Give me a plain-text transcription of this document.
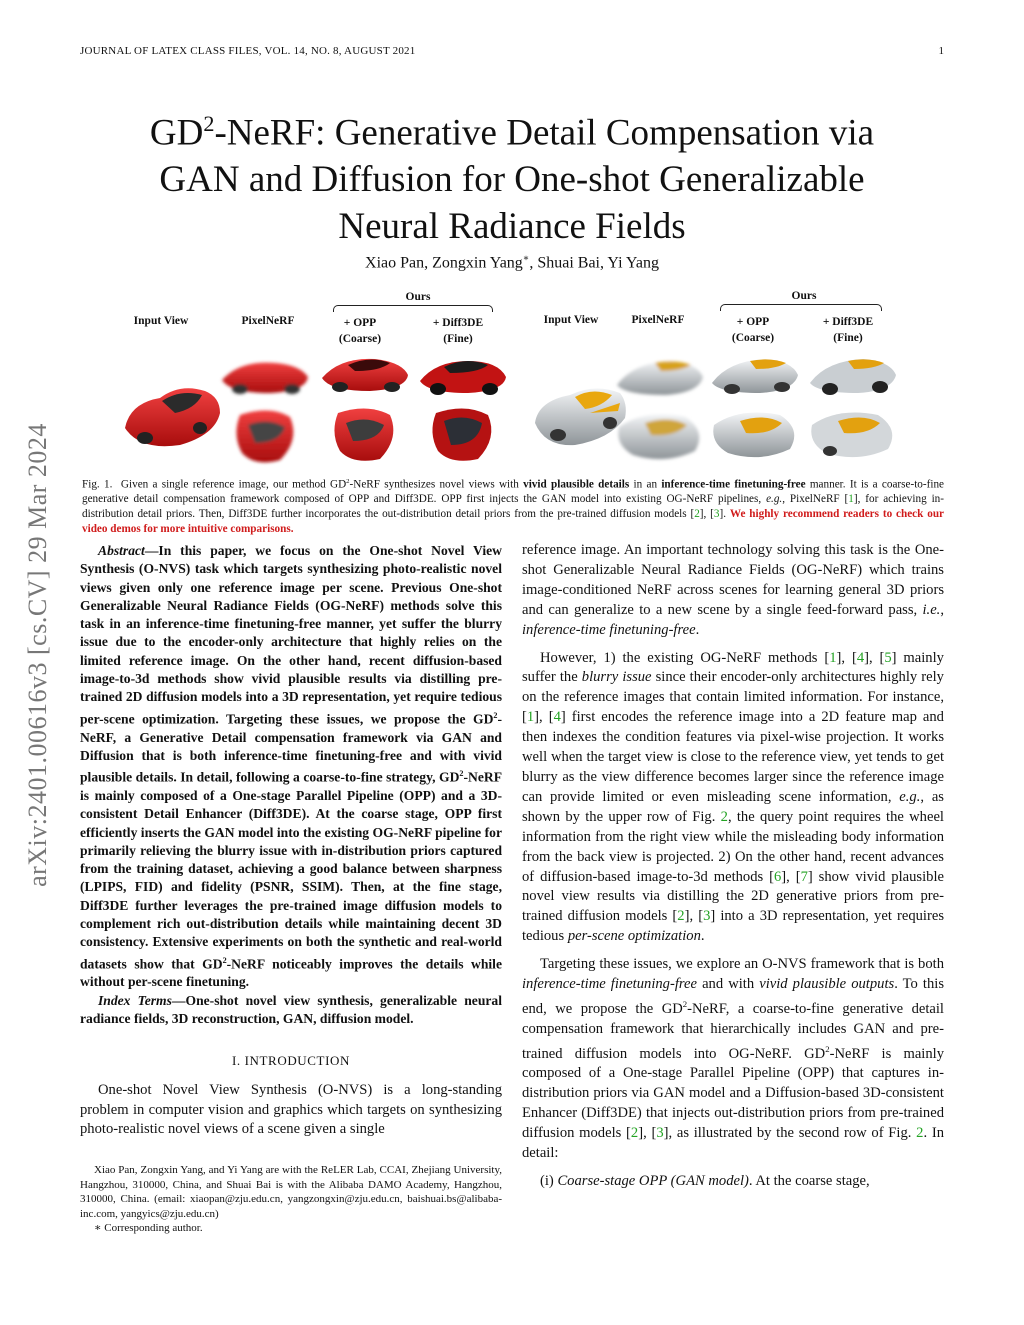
JOURNAL OF LATEX CLASS FILES, VOL. 14, NO. 8, AUGUST 2021	1
$GD^2$-NeRF: Generative Detail Compensation via
GAN and Diffusion for One-shot Generalizable
Neural Radiance Fields
Xiao Pan, Zongxin Yang∗, Shuai Bai, Yi Yang
arXiv:2401.00616v3 [cs.CV] 29 Mar 2024
Ours
Input View	PixelNeRF	+ OPP
(Coarse)
+ Diff3DE
(Fine)
Ours
Input View	PixelNeRF	+ OPP
(Coarse)
+ Diff3DE
(Fine)
Fig. 1. Given a single reference image, our method $GD^2$-NeRF synthesizes novel views with vivid plausible details in an inference-time finetuning-free manner. It is a coarse-to-fine generative detail compensation framework composed of OPP and Diff3DE. OPP first injects the GAN model into existing OG-NeRF pipelines, e.g., PixelNeRF [1], for achieving in-distribution detail priors. Then, Diff3DE further incorporates the out-distribution detail priors from the pre-trained diffusion models [2], [3]. We highly recommend readers to check our video demos for more intuitive comparisons.

Abstract—In this paper, we focus on the One-shot Novel View Synthesis (O-NVS) task which targets synthesizing photo-realistic novel views given only one reference image per scene. Previous One-shot Generalizable Neural Radiance Fields (OG-NeRF) methods solve this task in an inference-time finetuning-free manner, yet suffer the blurry issue due to the encoder-only architecture that highly relies on the limited reference image. On the other hand, recent diffusion-based image-to-3d methods show vivid plausible results via distilling pre-trained 2D diffusion models into a 3D representation, yet require tedious per-scene optimization. Targeting these issues, we propose the $GD^2$-NeRF, a Generative Detail compensation framework via GAN and Diffusion that is both inference-time finetuning-free and with vivid plausible details. In detail, following a coarse-to-fine strategy, $GD^2$-NeRF is mainly composed of a One-stage Parallel Pipeline (OPP) and a 3D-consistent Detail Enhancer (Diff3DE). At the coarse stage, OPP first efficiently inserts the GAN model into the existing OG-NeRF pipeline for primarily relieving the blurry issue with in-distribution priors captured from the training dataset, achieving a good balance between sharpness (LPIPS, FID) and fidelity (PSNR, SSIM). Then, at the fine stage, Diff3DE further leverages the pre-trained image diffusion models to complement rich out-distribution details while maintaining decent 3D consistency. Extensive experiments on both the synthetic and real-world datasets show that $GD^2$-NeRF noticeably improves the details while without per-scene finetuning.

Index Terms—One-shot novel view synthesis, generalizable neural radiance fields, 3D reconstruction, GAN, diffusion model.

I. INTRODUCTION

One-shot Novel View Synthesis (O-NVS) is a long-standing problem in computer vision and graphics which targets on synthesizing photo-realistic novel views of a scene given a single

Xiao Pan, Zongxin Yang, and Yi Yang are with the ReLER Lab, CCAI, Zhejiang University, Hangzhou, 310000, China, and Shuai Bai is with the Alibaba DAMO Academy, Hangzhou, 310000, China. (email: xiaopan@zju.edu.cn, yangzongxin@zju.edu.cn, baishuai.bs@alibaba-inc.com, yangyics@zju.edu.cn)

∗ Corresponding author.

reference image. An important technology solving this task is the One-shot Generalizable Neural Radiance Fields (OG-NeRF) which trains image-conditioned NeRF across scenes for learning general 3D priors and can generalize to a new scene by a single feed-forward pass, i.e., inference-time finetuning-free.

However, 1) the existing OG-NeRF methods [1], [4], [5] mainly suffer the blurry issue since their encoder-only architectures highly rely on the reference images that contain limited information. For instance, [1], [4] first encodes the reference image into a 2D feature map and then indexes the condition features via pixel-wise projection. It works well when the target view is close to the reference view, yet tends to get blurry as the view difference becomes larger since the reference image can provide limited or even misleading scene information, e.g., as shown by the upper row of Fig. 2, the query point requires the wheel information from the right view while the misleading body information from the back view is projected. 2) On the other hand, recent advances of diffusion-based image-to-3d methods [6], [7] show vivid plausible novel view results via distilling the 2D generative priors from pre-trained diffusion models [2], [3] into a 3D representation, yet requires tedious per-scene optimization.

Targeting these issues, we explore an O-NVS framework that is both inference-time finetuning-free and with vivid plausible outputs. To this end, we propose the $GD^2$-NeRF, a coarse-to-fine generative detail compensation framework that hierarchically includes GAN and pre-trained diffusion models into OG-NeRF. $GD^2$-NeRF is mainly composed of a One-stage Parallel Pipeline (OPP) that captures in-distribution priors via GAN model and a Diffusion-based 3D-consistent Enhancer (Diff3DE) that injects out-distribution priors from pre-trained diffusion models [2], [3], as illustrated by the second row of Fig. 2. In detail:

(i) Coarse-stage OPP (GAN model). At the coarse stage,
